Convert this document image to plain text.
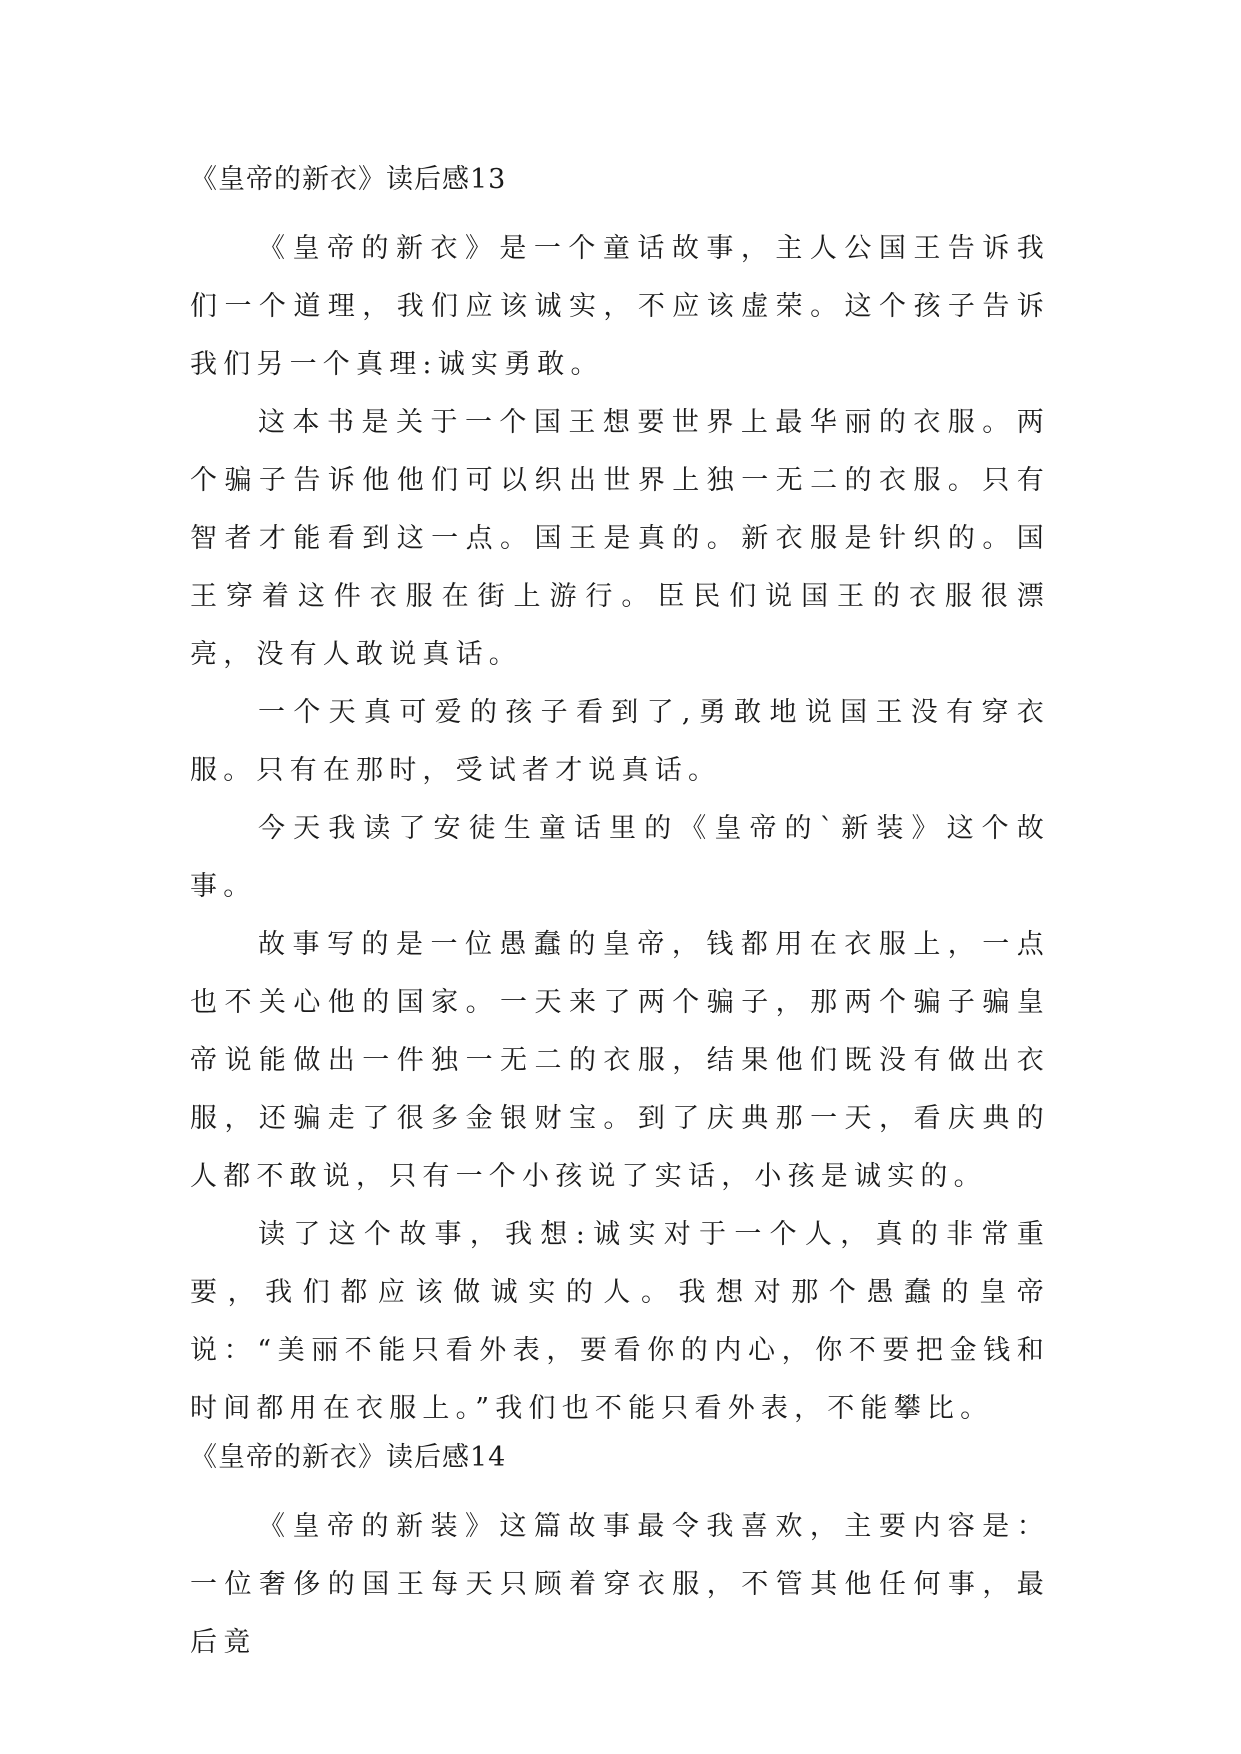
《皇帝的新衣》读后感13

《皇帝的新衣》是一个童话故事，主人公国王告诉我们一个道理，我们应该诚实，不应该虚荣。这个孩子告诉我们另一个真理:诚实勇敢。

这本书是关于一个国王想要世界上最华丽的衣服。两个骗子告诉他他们可以织出世界上独一无二的衣服。只有智者才能看到这一点。国王是真的。新衣服是针织的。国王穿着这件衣服在街上游行。臣民们说国王的衣服很漂亮，没有人敢说真话。

一个天真可爱的孩子看到了,勇敢地说国王没有穿衣服。只有在那时，受试者才说真话。

今天我读了安徒生童话里的《皇帝的`新装》这个故事。

故事写的是一位愚蠢的皇帝，钱都用在衣服上，一点也不关心他的国家。一天来了两个骗子，那两个骗子骗皇帝说能做出一件独一无二的衣服，结果他们既没有做出衣服，还骗走了很多金银财宝。到了庆典那一天，看庆典的人都不敢说，只有一个小孩说了实话，小孩是诚实的。

读了这个故事，我想:诚实对于一个人，真的非常重要，我们都应该做诚实的人。我想对那个愚蠢的皇帝说：“美丽不能只看外表，要看你的内心，你不要把金钱和时间都用在衣服上。”我们也不能只看外表，不能攀比。

《皇帝的新衣》读后感14

《皇帝的新装》这篇故事最令我喜欢，主要内容是：一位奢侈的国王每天只顾着穿衣服，不管其他任何事，最后竟
